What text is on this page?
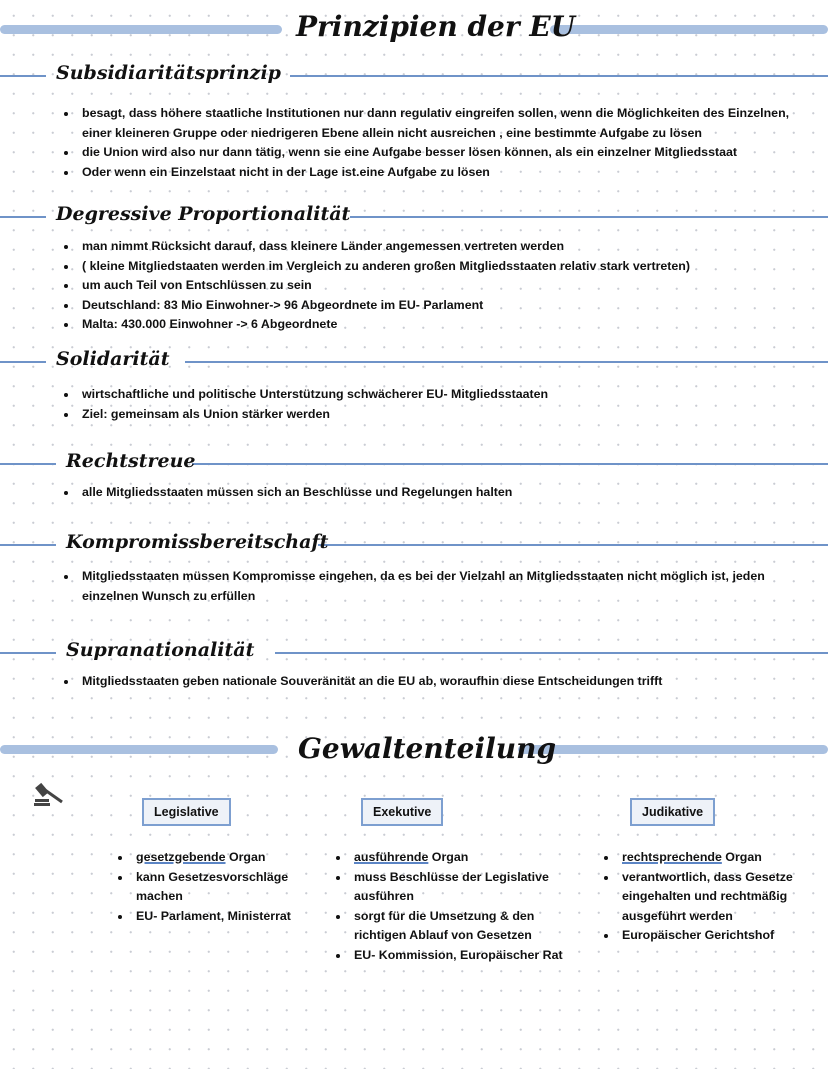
Prinzipien der EU
Subsidiaritätsprinzip
• besagt, dass höhere staatliche Institutionen nur dann regulativ eingreifen sollen, wenn die Möglichkeiten des Einzelnen, einer kleineren Gruppe oder niedrigeren Ebene allein nicht ausreichen , eine bestimmte Aufgabe zu lösen
• die Union wird also nur dann tätig, wenn sie eine Aufgabe besser lösen können, als ein einzelner Mitgliedsstaat
• Oder wenn ein Einzelstaat nicht in der Lage ist.eine Aufgabe zu lösen
Degressive Proportionalität
• man nimmt Rücksicht darauf, dass kleinere Länder angemessen vertreten werden
• ( kleine Mitgliedstaaten werden im Vergleich zu anderen großen Mitgliedsstaaten relativ stark vertreten)
• um auch Teil von Entschlüssen zu sein
• Deutschland: 83 Mio Einwohner-> 96 Abgeordnete im EU- Parlament
• Malta: 430.000 Einwohner -> 6 Abgeordnete
Solidarität
• wirtschaftliche und politische Unterstützung schwächerer EU- Mitgliedsstaaten
• Ziel: gemeinsam als Union stärker werden
Rechtstreue
• alle Mitgliedsstaaten müssen sich an Beschlüsse und Regelungen halten
Kompromissbereitschaft
• Mitgliedsstaaten müssen Kompromisse eingehen, da es bei der Vielzahl an Mitgliedsstaaten nicht möglich ist, jeden einzelnen Wunsch zu erfüllen
Supranationalität
• Mitgliedsstaaten geben nationale Souveränität an die EU ab, woraufhin diese Entscheidungen trifft
Gewaltenteilung
Legislative
• gesetzgebende Organ
• kann Gesetzesvorschläge machen
• EU- Parlament, Ministerrat
Exekutive
• ausführende Organ
• muss Beschlüsse der Legislative ausführen
• sorgt für die Umsetzung & den richtigen Ablauf von Gesetzen
• EU- Kommission, Europäischer Rat
Judikative
• rechtsprechende Organ
• verantwortlich, dass Gesetze eingehalten und rechtmäßig ausgeführt werden
• Europäischer Gerichtshof
